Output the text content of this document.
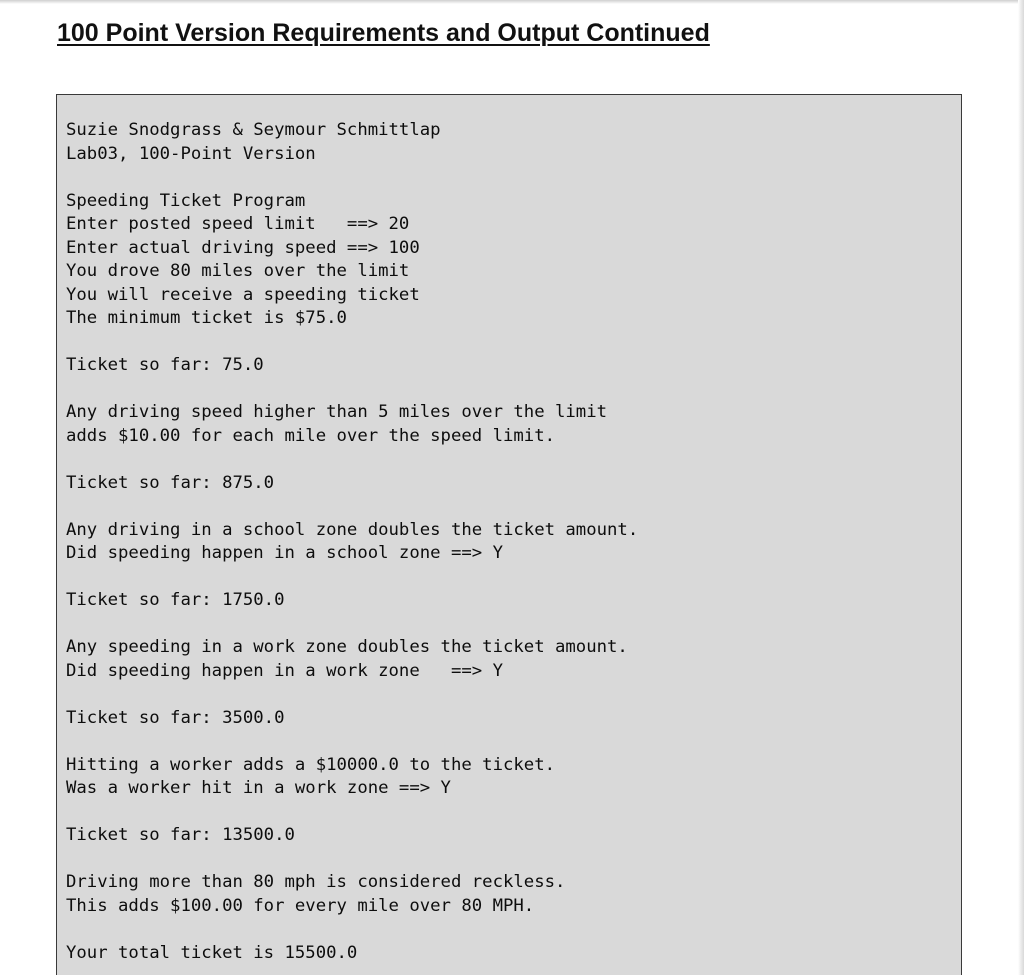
100 Point Version Requirements and Output Continued
Suzie Snodgrass & Seymour Schmittlap
Lab03, 100-Point Version
Speeding Ticket Program
Enter posted speed limit   ==> 20
Enter actual driving speed ==> 100
You drove 80 miles over the limit
You will receive a speeding ticket
The minimum ticket is $75.0
Ticket so far: 75.0
Any driving speed higher than 5 miles over the limit
adds $10.00 for each mile over the speed limit.
Ticket so far: 875.0
Any driving in a school zone doubles the ticket amount.
Did speeding happen in a school zone ==> Y
Ticket so far: 1750.0
Any speeding in a work zone doubles the ticket amount.
Did speeding happen in a work zone   ==> Y
Ticket so far: 3500.0
Hitting a worker adds a $10000.0 to the ticket.
Was a worker hit in a work zone ==> Y
Ticket so far: 13500.0
Driving more than 80 mph is considered reckless.
This adds $100.00 for every mile over 80 MPH.
Your total ticket is 15500.0
